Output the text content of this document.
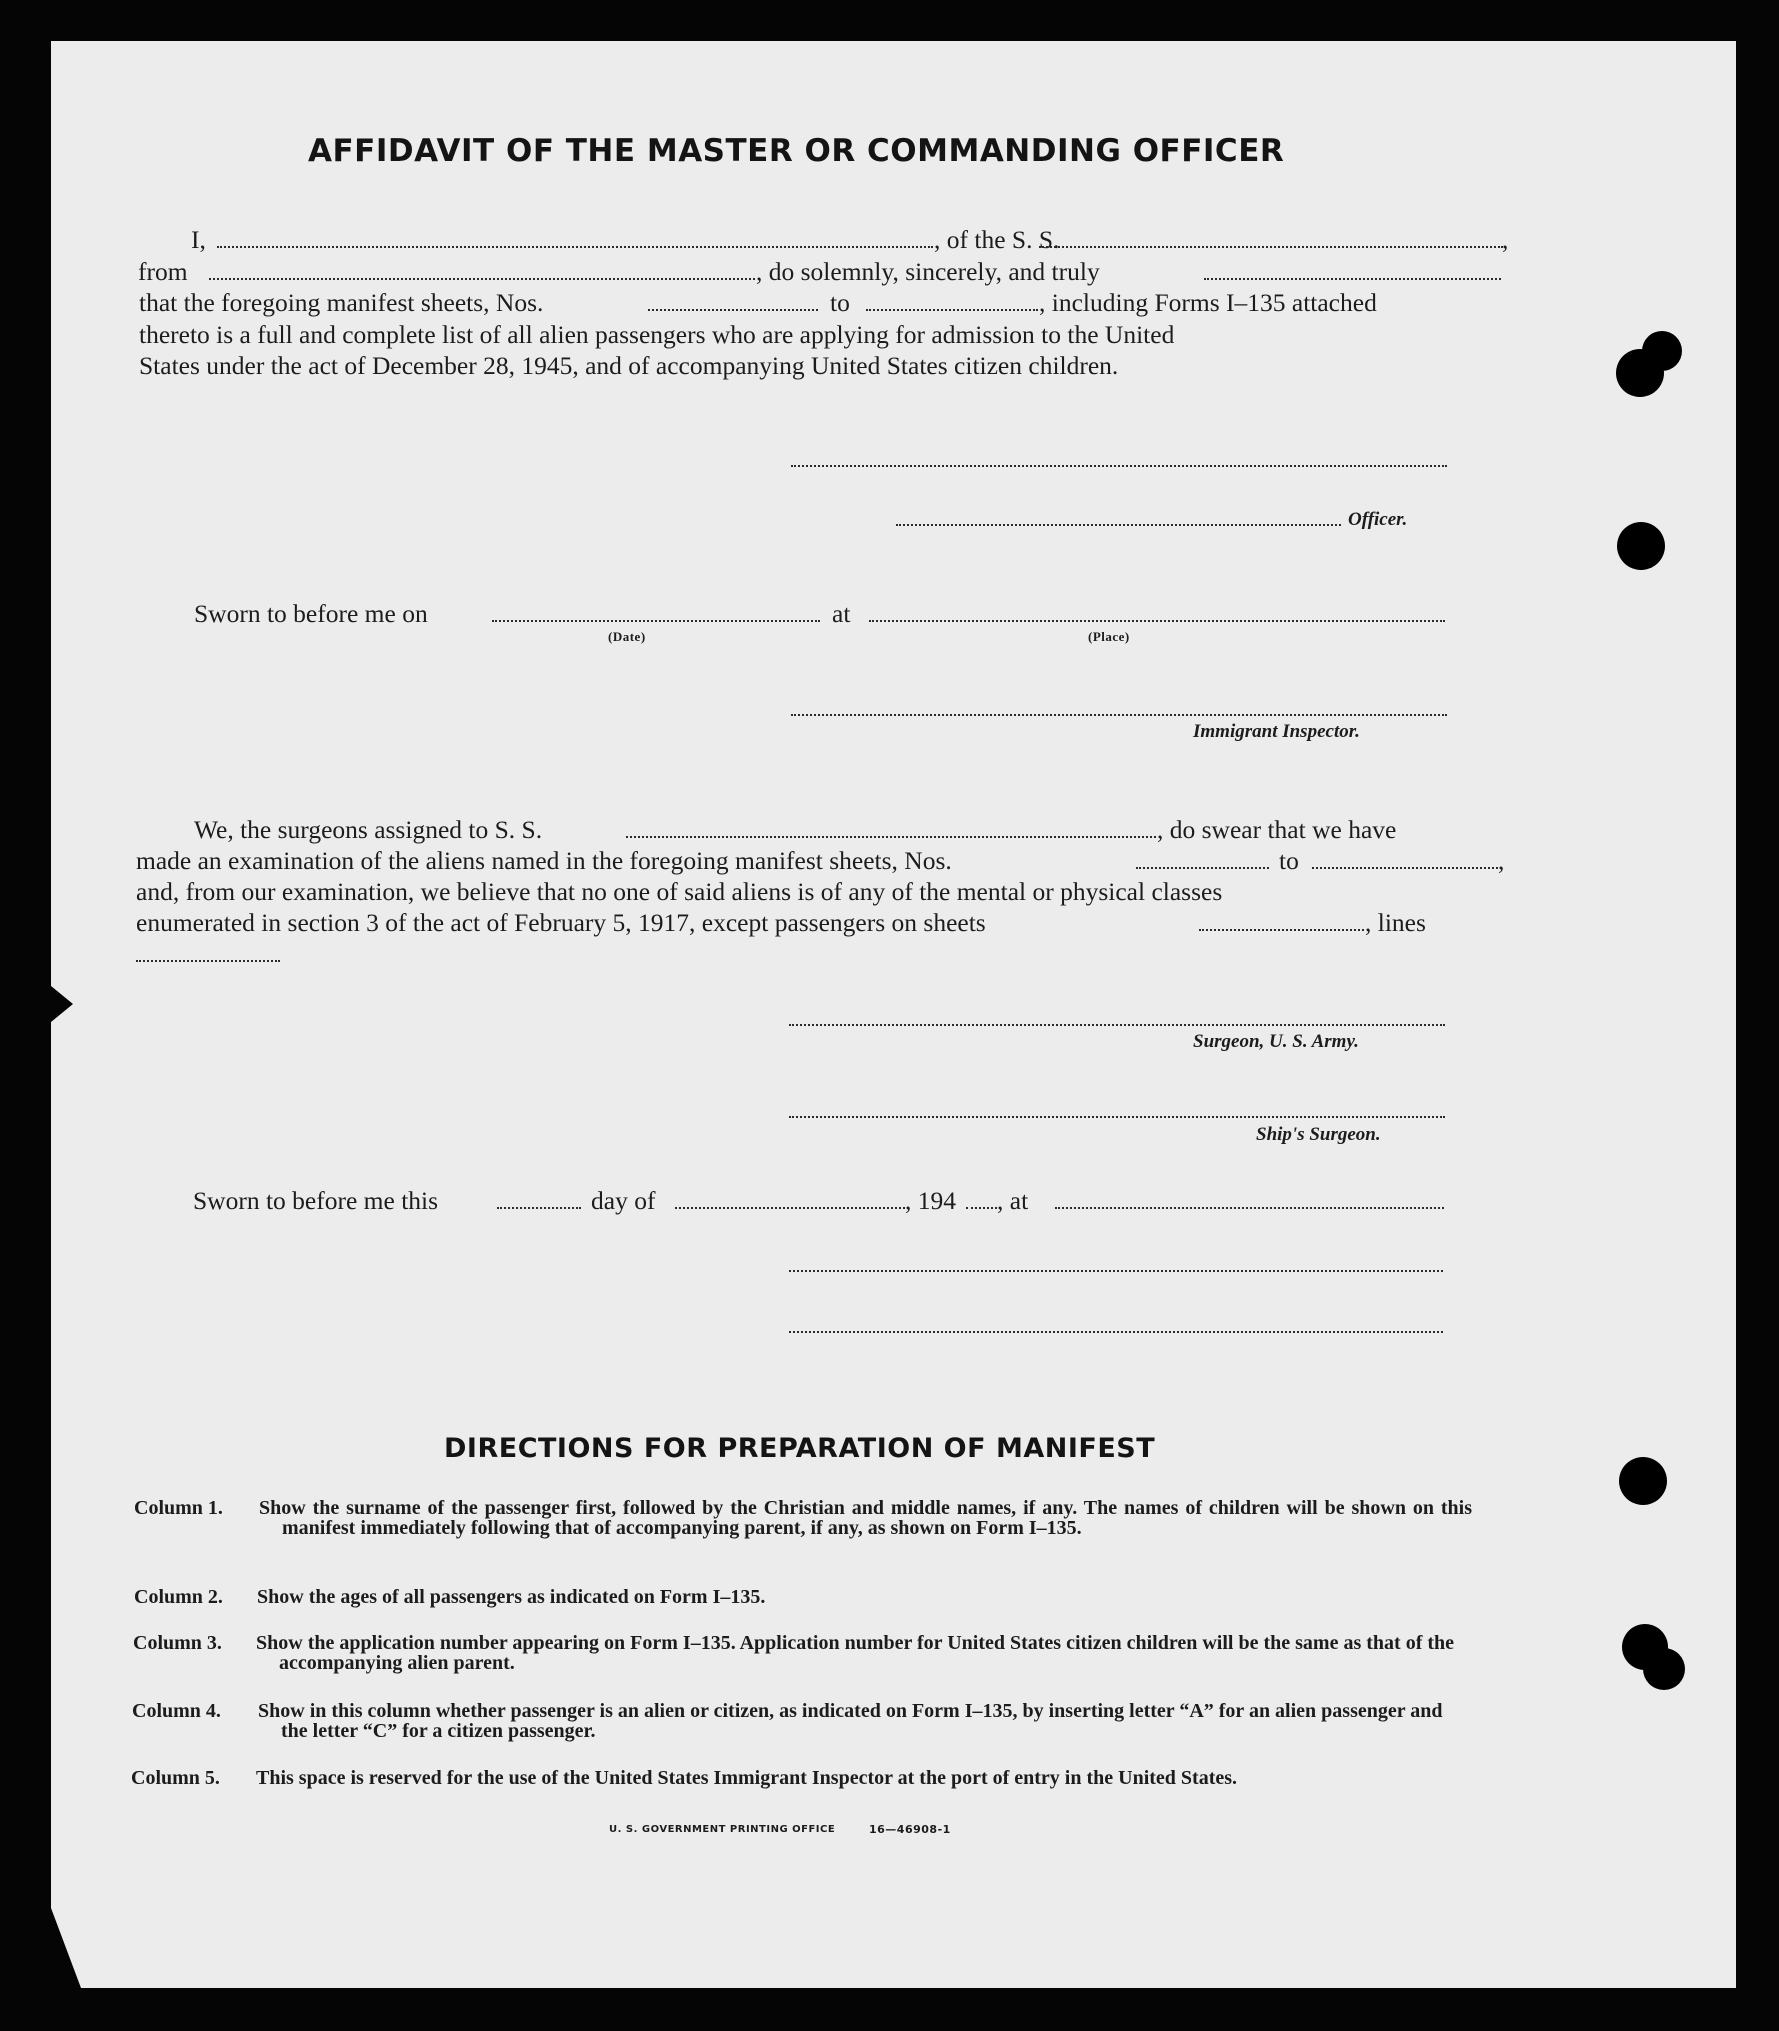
AFFIDAVIT OF THE MASTER OR COMMANDING OFFICER
I,	, of the S. S.	,
from	, do solemnly, sincerely, and truly
that the foregoing manifest sheets, Nos.	to	, including Forms I–135 attached
thereto is a full and complete list of all alien passengers who are applying for admission to the United
States under the act of December 28, 1945, and of accompanying United States citizen children.
Officer.
Sworn to before me on
(Date)
at
(Place)
Immigrant Inspector.
We, the surgeons assigned to S. S.	, do swear that we have
made an examination of the aliens named in the foregoing manifest sheets, Nos.	to	,
and, from our examination, we believe that no one of said aliens is of any of the mental or physical classes
enumerated in section 3 of the act of February 5, 1917, except passengers on sheets	, lines
Surgeon, U. S. Army.
Ship's Surgeon.
Sworn to before me this	day of	, 194 , at
DIRECTIONS FOR PREPARATION OF MANIFEST
Column 1. Show the surname of the passenger first, followed by the Christian and middle names, if any. The names of children will be shown on this manifest immediately following that of accompanying parent, if any, as shown on Form I–135.
Column 2. Show the ages of all passengers as indicated on Form I–135.
Column 3. Show the application number appearing on Form I–135. Application number for United States citizen children will be the same as that of the accompanying alien parent.
Column 4. Show in this column whether passenger is an alien or citizen, as indicated on Form I–135, by inserting letter “A” for an alien passenger and the letter “C” for a citizen passenger.
Column 5. This space is reserved for the use of the United States Immigrant Inspector at the port of entry in the United States.
U. S. GOVERNMENT PRINTING OFFICE	16—46908-1
